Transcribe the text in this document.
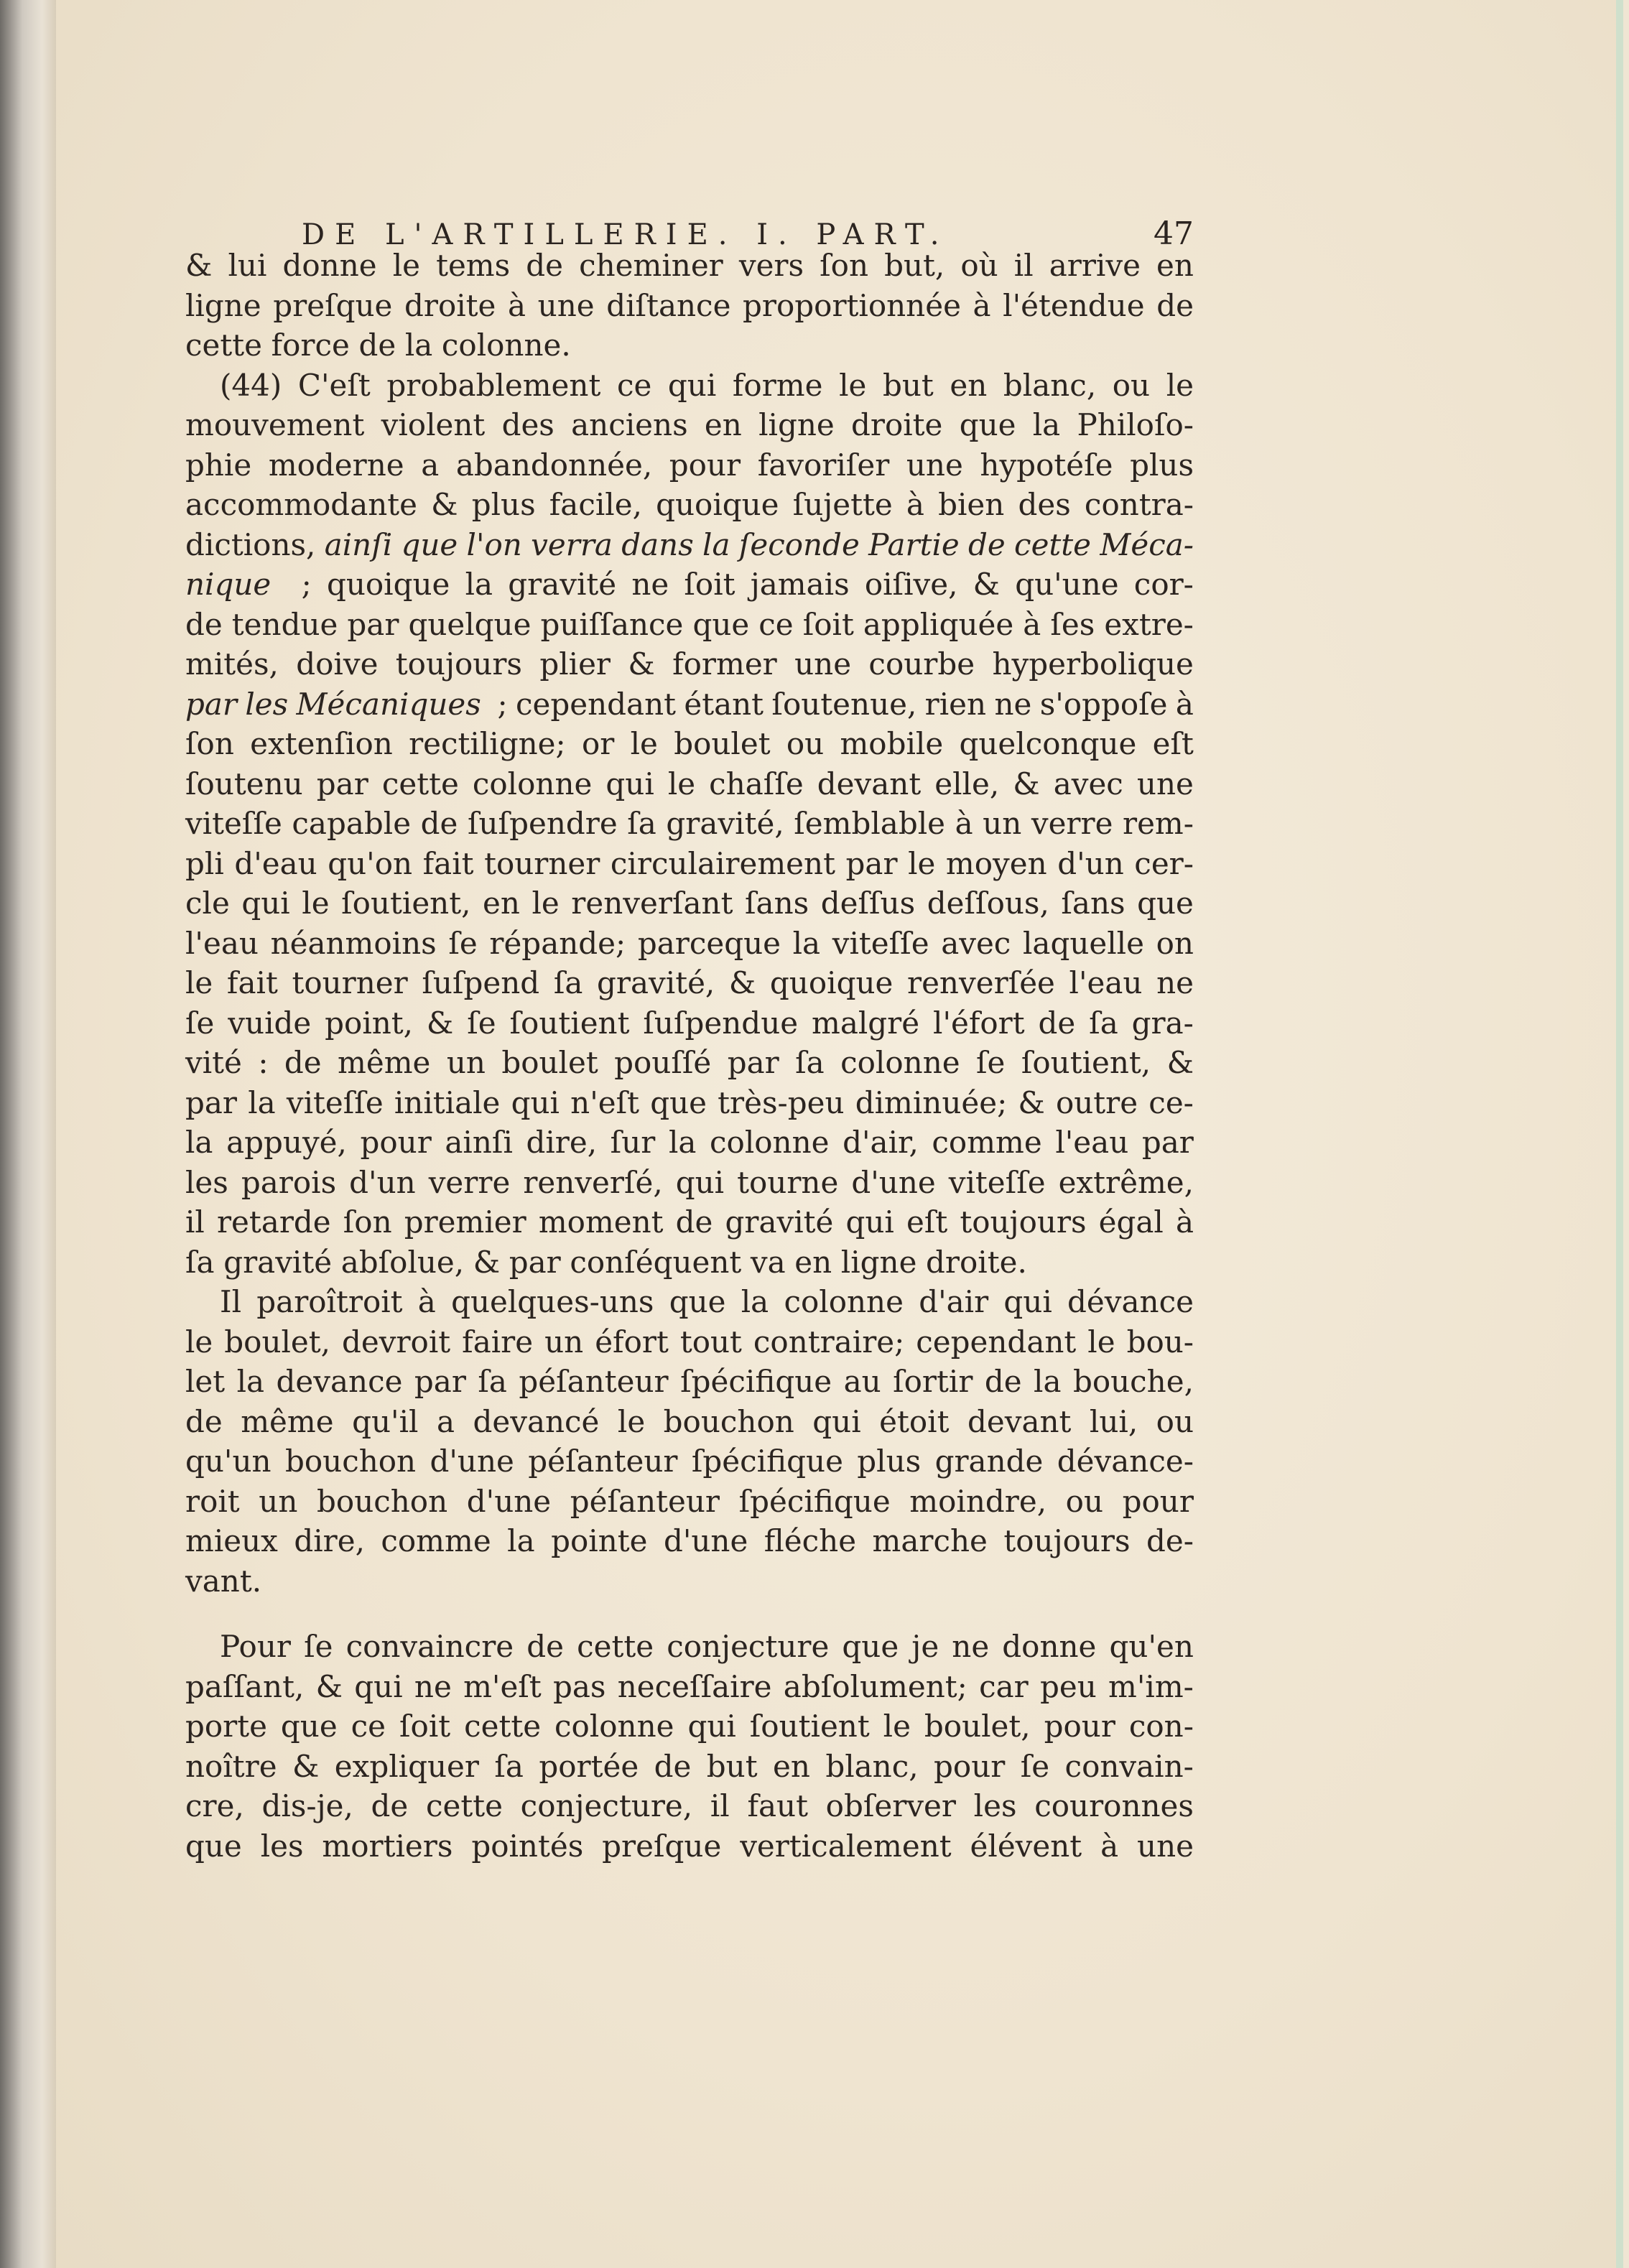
DE L'ARTILLERIE. I. PART.	47
& lui donne le tems de cheminer vers ſon but, où il arrive en
ligne preſque droite à une diſtance proportionnée à l'étendue de
cette force de la colonne.
(44) C'eſt probablement ce qui forme le but en blanc, ou le
mouvement violent des anciens en ligne droite que la Philoſo-
phie moderne a abandonnée, pour favoriſer une hypotéſe plus
accommodante & plus facile, quoique ſujette à bien des contra-
dictions, ainſi que l'on verra dans la ſeconde Partie de cette Méca-
nique ; quoique la gravité ne ſoit jamais oiſive, & qu'une cor-
de tendue par quelque puiſſance que ce ſoit appliquée à ſes extre-
mités, doive toujours plier & former une courbe hyperbolique
par les Mécaniques ; cependant étant ſoutenue, rien ne s'oppoſe à
ſon extenſion rectiligne; or le boulet ou mobile quelconque eſt
ſoutenu par cette colonne qui le chaſſe devant elle, & avec une
viteſſe capable de ſuſpendre ſa gravité, ſemblable à un verre rem-
pli d'eau qu'on fait tourner circulairement par le moyen d'un cer-
cle qui le ſoutient, en le renverſant ſans deſſus deſſous, ſans que
l'eau néanmoins ſe répande; parceque la viteſſe avec laquelle on
le fait tourner ſuſpend ſa gravité, & quoique renverſée l'eau ne
ſe vuide point, & ſe ſoutient ſuſpendue malgré l'éfort de ſa gra-
vité : de même un boulet pouſſé par ſa colonne ſe ſoutient, &
par la viteſſe initiale qui n'eſt que très-peu diminuée; & outre ce-
la appuyé, pour ainſi dire, ſur la colonne d'air, comme l'eau par
les parois d'un verre renverſé, qui tourne d'une viteſſe extrême,
il retarde ſon premier moment de gravité qui eſt toujours égal à
ſa gravité abſolue, & par conſéquent va en ligne droite.
Il paroîtroit à quelques-uns que la colonne d'air qui dévance
le boulet, devroit faire un éfort tout contraire; cependant le bou-
let la devance par ſa péſanteur ſpécifique au ſortir de la bouche,
de même qu'il a devancé le bouchon qui étoit devant lui, ou
qu'un bouchon d'une péſanteur ſpécifique plus grande dévance-
roit un bouchon d'une péſanteur ſpécifique moindre, ou pour
mieux dire, comme la pointe d'une fléche marche toujours de-
vant.
Pour ſe convaincre de cette conjecture que je ne donne qu'en
paſſant, & qui ne m'eſt pas neceſſaire abſolument; car peu m'im-
porte que ce ſoit cette colonne qui ſoutient le boulet, pour con-
noître & expliquer ſa portée de but en blanc, pour ſe convain-
cre, dis-je, de cette conjecture, il faut obſerver les couronnes
que les mortiers pointés preſque verticalement élévent à une
